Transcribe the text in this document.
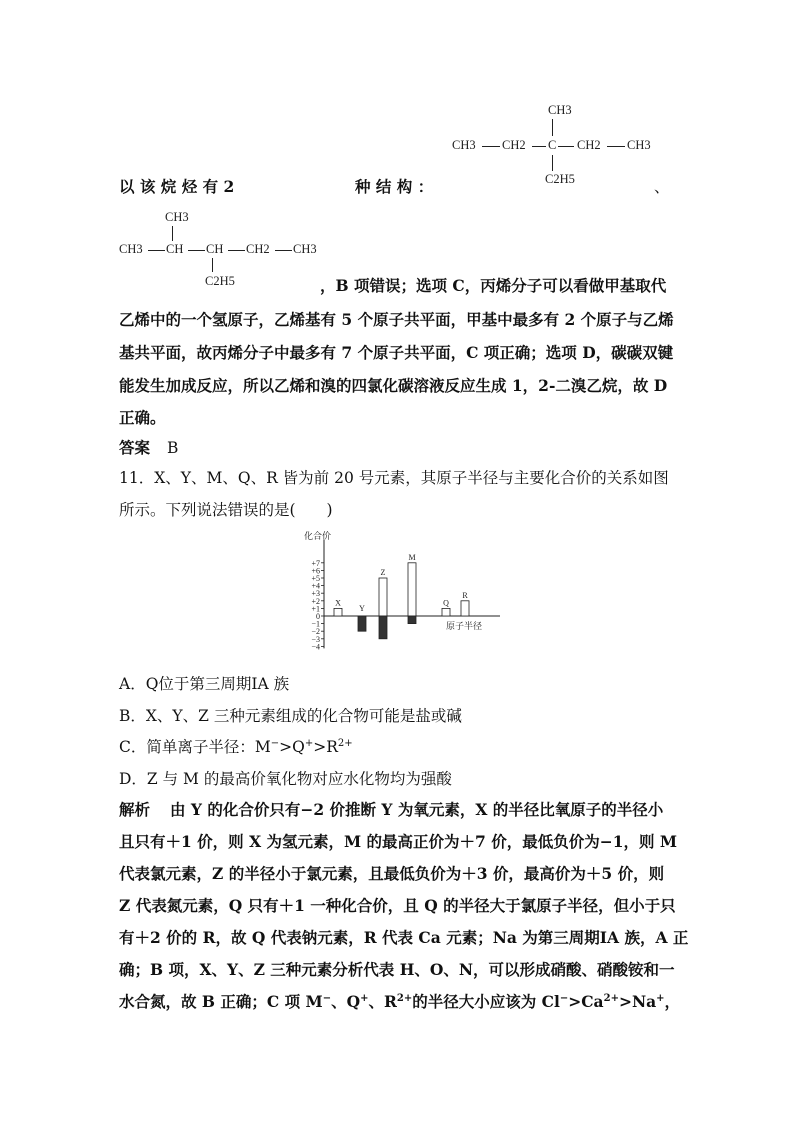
CH3
CH3 CH2 C CH2 CH3
C2H5
以 该 烷 烃 有 2	种 结 构 ：	、
CH3
CH3 CH CH CH2 CH3
C2H5	，B 项错误；选项 C，丙烯分子可以看做甲基取代
乙烯中的一个氢原子，乙烯基有 5 个原子共平面，甲基中最多有 2 个原子与乙烯
基共平面，故丙烯分子中最多有 7 个原子共平面，C 项正确；选项 D，碳碳双键
能发生加成反应，所以乙烯和溴的四氯化碳溶液反应生成 1，2-二溴乙烷，故 D
正确。
答案 B
11．X、Y、M、Q、R 皆为前 20 号元素，其原子半径与主要化合价的关系如图
所示。下列说法错误的是(　　)
化合价
+7
+6
+5
+4
+3
+2
+1
0
−1
−2
−3
−4
原子半径
X
Y
Z
M
Q
R
A．Q位于第三周期ⅠA 族
B．X、Y、Z 三种元素组成的化合物可能是盐或碱
C．简单离子半径：$M^->Q^+>R^{2+}$
D．Z 与 M 的最高价氧化物对应水化物均为强酸
解析 由 Y 的化合价只有−2 价推断 Y 为氧元素，X 的半径比氧原子的半径小
且只有＋1 价，则 X 为氢元素，M 的最高正价为＋7 价，最低负价为−1，则 M
代表氯元素，Z 的半径小于氯元素，且最低负价为＋3 价，最高价为＋5 价，则
Z 代表氮元素，Q 只有＋1 一种化合价，且 Q 的半径大于氯原子半径，但小于只
有＋2 价的 R，故 Q 代表钠元素，R 代表 Ca 元素；Na 为第三周期ⅠA 族，A 正
确；B 项，X、Y、Z 三种元素分析代表 H、O、N，可以形成硝酸、硝酸铵和一
水合氮，故 B 正确；C 项 M−、Q+、$R^{2+}$的半径大小应该为 $Cl^->Ca^{2+}>Na^+$，
